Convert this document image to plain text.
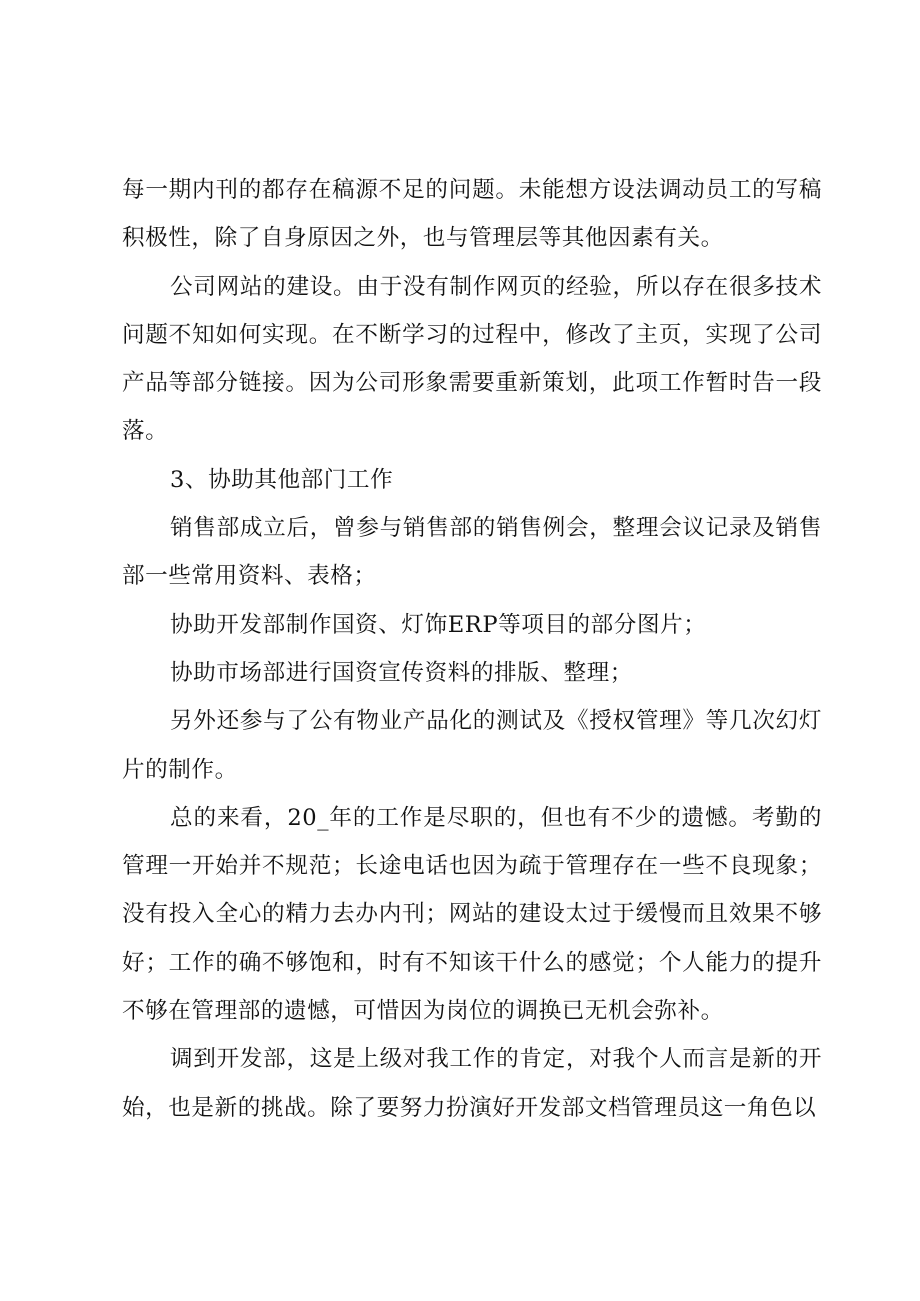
每一期内刊的都存在稿源不足的问题。未能想方设法调动员工的写稿积极性，除了自身原因之外，也与管理层等其他因素有关。

公司网站的建设。由于没有制作网页的经验，所以存在很多技术问题不知如何实现。在不断学习的过程中，修改了主页，实现了公司产品等部分链接。因为公司形象需要重新策划，此项工作暂时告一段落。

3、协助其他部门工作

销售部成立后，曾参与销售部的销售例会，整理会议记录及销售部一些常用资料、表格；

协助开发部制作国资、灯饰ERP等项目的部分图片；

协助市场部进行国资宣传资料的排版、整理；

另外还参与了公有物业产品化的测试及《授权管理》等几次幻灯片的制作。

总的来看，20_年的工作是尽职的，但也有不少的遗憾。考勤的管理一开始并不规范；长途电话也因为疏于管理存在一些不良现象；没有投入全心的精力去办内刊；网站的建设太过于缓慢而且效果不够好；工作的确不够饱和，时有不知该干什么的感觉；个人能力的提升不够在管理部的遗憾，可惜因为岗位的调换已无机会弥补。

调到开发部，这是上级对我工作的肯定，对我个人而言是新的开始，也是新的挑战。除了要努力扮演好开发部文档管理员这一角色以
